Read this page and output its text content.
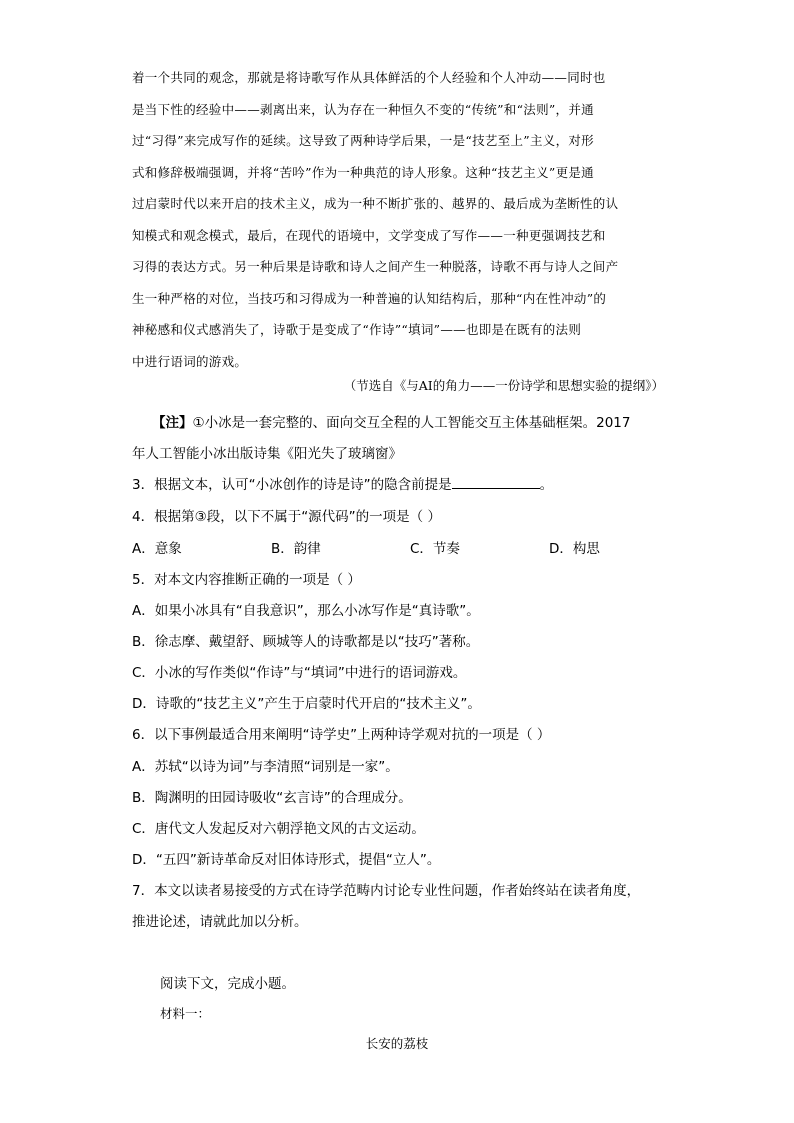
着一个共同的观念，那就是将诗歌写作从具体鲜活的个人经验和个人冲动——同时也
是当下性的经验中——剥离出来，认为存在一种恒久不变的“传统”和“法则”，并通
过“习得”来完成写作的延续。这导致了两种诗学后果，一是“技艺至上”主义，对形
式和修辞极端强调，并将“苦吟”作为一种典范的诗人形象。这种“技艺主义”更是通
过启蒙时代以来开启的技术主义，成为一种不断扩张的、越界的、最后成为垄断性的认
知模式和观念模式，最后，在现代的语境中，文学变成了写作——一种更强调技艺和
习得的表达方式。另一种后果是诗歌和诗人之间产生一种脱落，诗歌不再与诗人之间产
生一种严格的对位，当技巧和习得成为一种普遍的认知结构后，那种“内在性冲动”的
神秘感和仪式感消失了，诗歌于是变成了“作诗”“填词”——也即是在既有的法则
中进行语词的游戏。
（节选自《与AI的角力——一份诗学和思想实验的提纲》）
【注】①小冰是一套完整的、面向交互全程的人工智能交互主体基础框架。2017
年人工智能小冰出版诗集《阳光失了玻璃窗》
3．根据文本，认可“小冰创作的诗是诗”的隐含前提是	。
4．根据第③段，以下不属于“源代码”的一项是（ ）
A．意象	B．韵律	C．节奏	D．构思
5．对本文内容推断正确的一项是（ ）
A．如果小冰具有“自我意识”，那么小冰写作是“真诗歌”。
B．徐志摩、戴望舒、顾城等人的诗歌都是以“技巧”著称。
C．小冰的写作类似“作诗”与“填词”中进行的语词游戏。
D．诗歌的“技艺主义”产生于启蒙时代开启的“技术主义”。
6．以下事例最适合用来阐明“诗学史”上两种诗学观对抗的一项是（ ）
A．苏轼“以诗为词”与李清照“词别是一家”。
B．陶渊明的田园诗吸收“玄言诗”的合理成分。
C．唐代文人发起反对六朝浮艳文风的古文运动。
D．“五四”新诗革命反对旧体诗形式，提倡“立人”。
7．本文以读者易接受的方式在诗学范畴内讨论专业性问题，作者始终站在读者角度，
推进论述，请就此加以分析。
阅读下文，完成小题。
材料一：
长安的荔枝
